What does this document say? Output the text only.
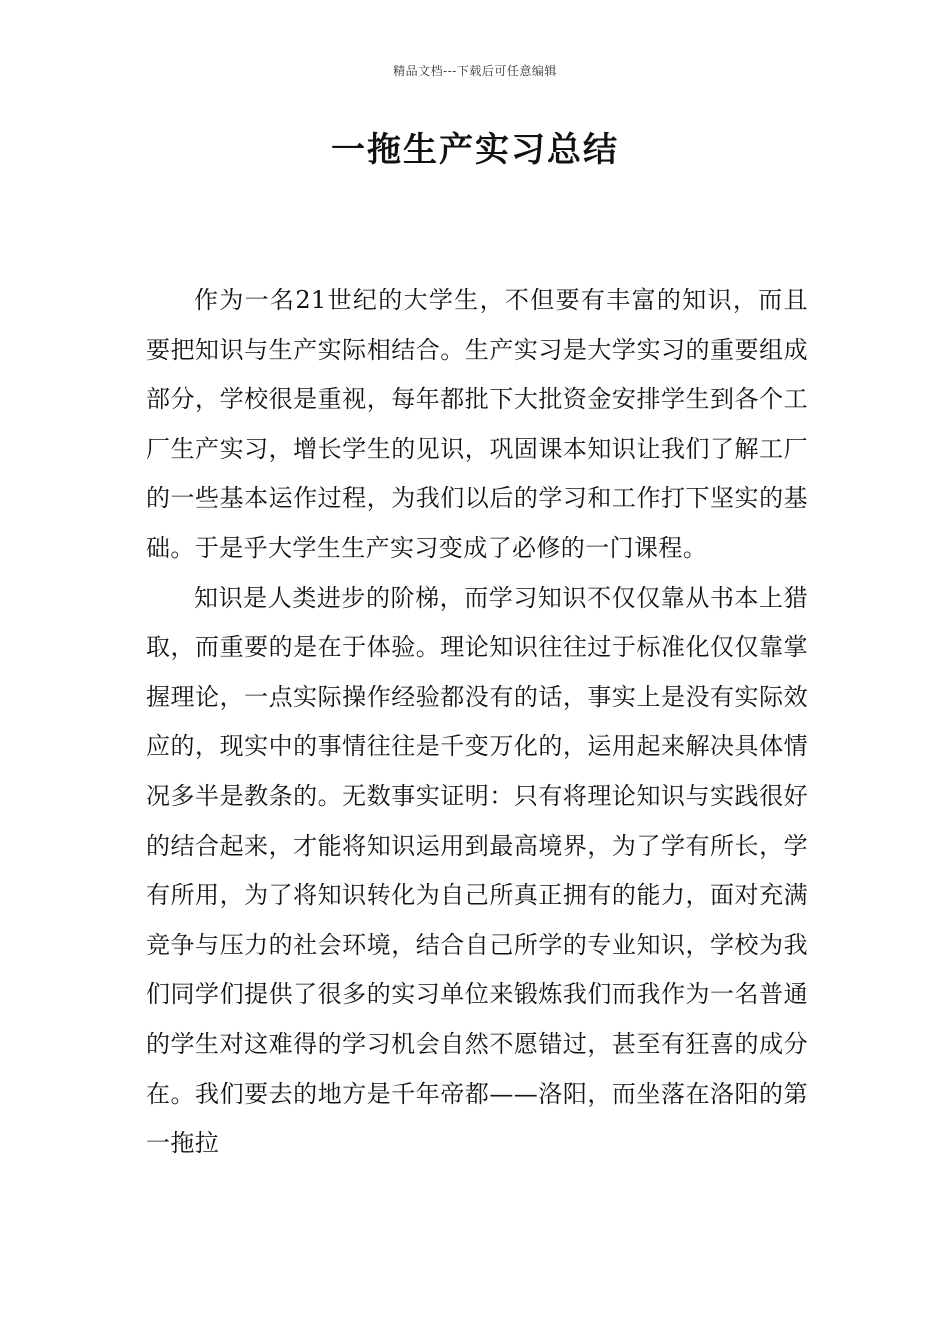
精品文档---下载后可任意编辑
一拖生产实习总结

作为一名21世纪的大学生，不但要有丰富的知识，而且要把知识与生产实际相结合。生产实习是大学实习的重要组成部分，学校很是重视，每年都批下大批资金安排学生到各个工厂生产实习，增长学生的见识，巩固课本知识让我们了解工厂的一些基本运作过程，为我们以后的学习和工作打下坚实的基础。于是乎大学生生产实习变成了必修的一门课程。

知识是人类进步的阶梯，而学习知识不仅仅靠从书本上猎取，而重要的是在于体验。理论知识往往过于标准化仅仅靠掌握理论，一点实际操作经验都没有的话，事实上是没有实际效应的，现实中的事情往往是千变万化的，运用起来解决具体情况多半是教条的。无数事实证明：只有将理论知识与实践很好的结合起来，才能将知识运用到最高境界，为了学有所长，学有所用，为了将知识转化为自己所真正拥有的能力，面对充满竞争与压力的社会环境，结合自己所学的专业知识，学校为我们同学们提供了很多的实习单位来锻炼我们而我作为一名普通的学生对这难得的学习机会自然不愿错过，甚至有狂喜的成分在。我们要去的地方是千年帝都——洛阳，而坐落在洛阳的第一拖拉
